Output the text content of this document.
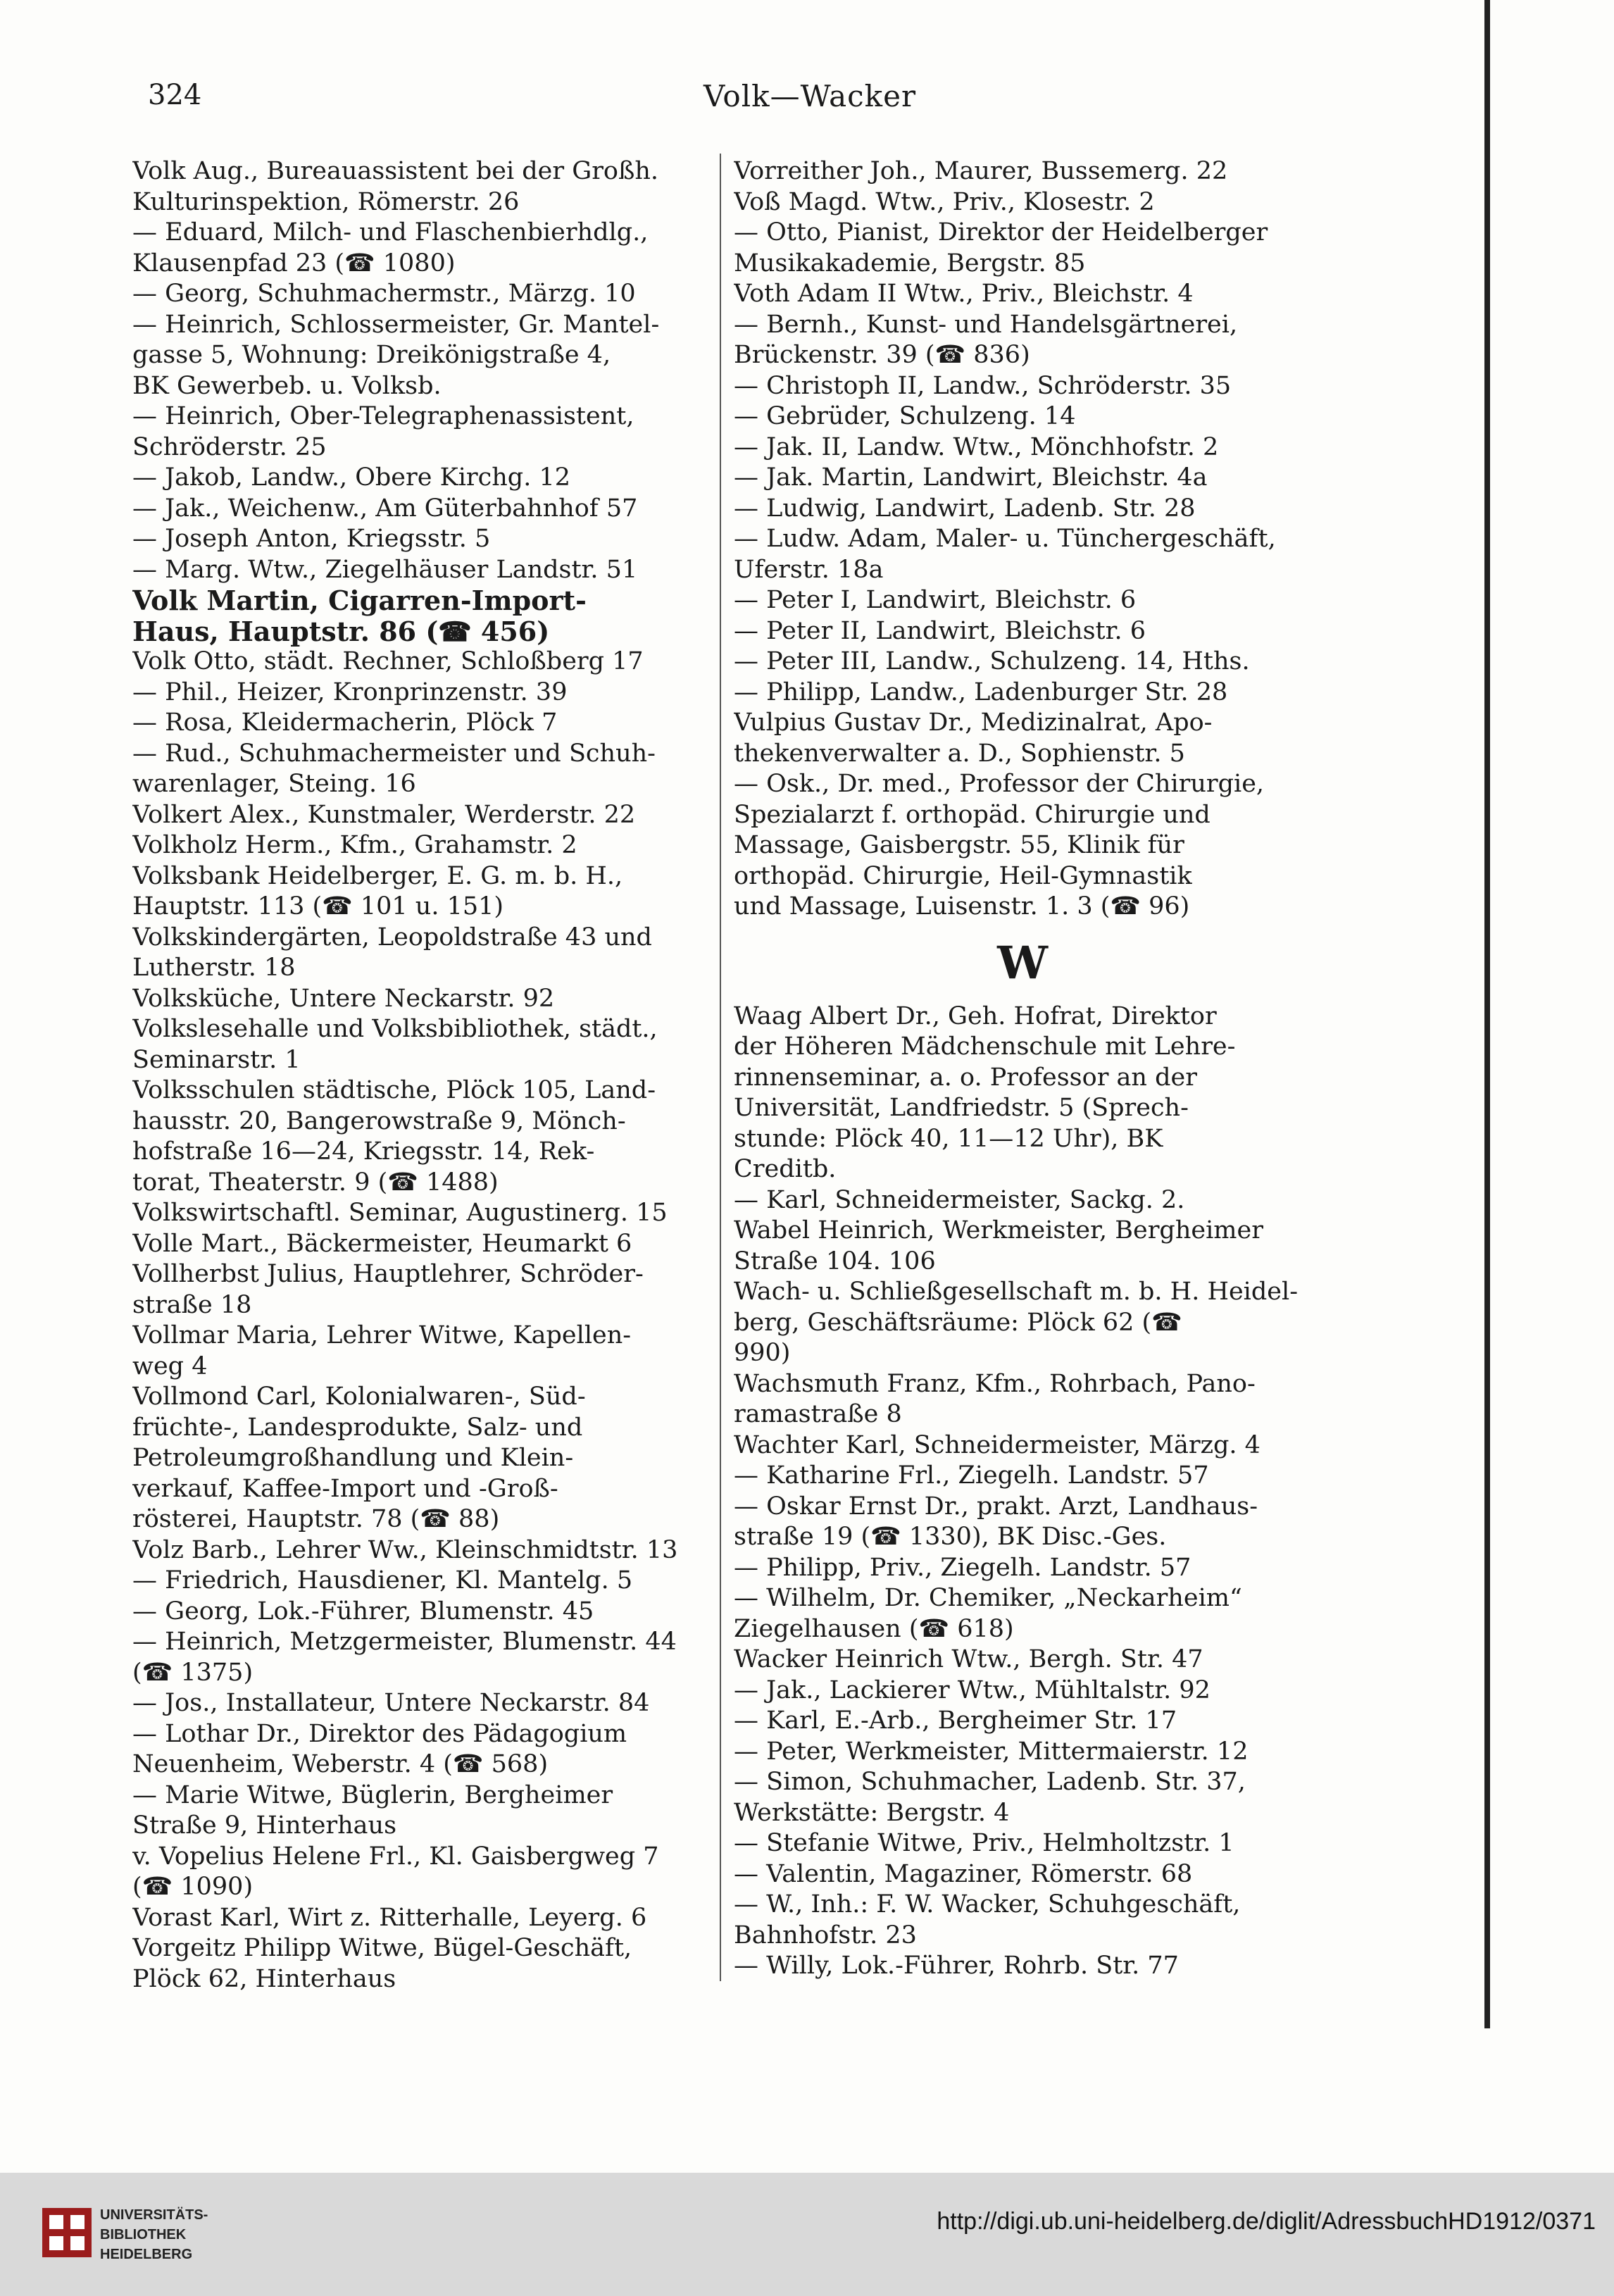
324	Volk—Wacker
Volk Aug., Bureauassistent bei der Großh.
Kulturinspektion, Römerstr. 26
— Eduard, Milch- und Flaschenbierhdlg.,
Klausenpfad 23 (☎ 1080)
— Georg, Schuhmachermstr., Märzg. 10
— Heinrich, Schlossermeister, Gr. Mantel-
gasse 5, Wohnung: Dreikönigstraße 4,
BK Gewerbeb. u. Volksb.
— Heinrich, Ober-Telegraphenassistent,
Schröderstr. 25
— Jakob, Landw., Obere Kirchg. 12
— Jak., Weichenw., Am Güterbahnhof 57
— Joseph Anton, Kriegsstr. 5
— Marg. Wtw., Ziegelhäuser Landstr. 51
Volk Martin, Cigarren-Import-
Haus, Hauptstr. 86 (☎ 456)
Volk Otto, städt. Rechner, Schloßberg 17
— Phil., Heizer, Kronprinzenstr. 39
— Rosa, Kleidermacherin, Plöck 7
— Rud., Schuhmachermeister und Schuh-
warenlager, Steing. 16
Volkert Alex., Kunstmaler, Werderstr. 22
Volkholz Herm., Kfm., Grahamstr. 2
Volksbank Heidelberger, E. G. m. b. H.,
Hauptstr. 113 (☎ 101 u. 151)
Volkskindergärten, Leopoldstraße 43 und
Lutherstr. 18
Volksküche, Untere Neckarstr. 92
Volkslesehalle und Volksbibliothek, städt.,
Seminarstr. 1
Volksschulen städtische, Plöck 105, Land-
hausstr. 20, Bangerowstraße 9, Mönch-
hofstraße 16—24, Kriegsstr. 14, Rek-
torat, Theaterstr. 9 (☎ 1488)
Volkswirtschaftl. Seminar, Augustinerg. 15
Volle Mart., Bäckermeister, Heumarkt 6
Vollherbst Julius, Hauptlehrer, Schröder-
straße 18
Vollmar Maria, Lehrer Witwe, Kapellen-
weg 4
Vollmond Carl, Kolonialwaren-, Süd-
früchte-, Landesprodukte, Salz- und
Petroleumgroßhandlung und Klein-
verkauf, Kaffee-Import und -Groß-
rösterei, Hauptstr. 78 (☎ 88)
Volz Barb., Lehrer Ww., Kleinschmidtstr. 13
— Friedrich, Hausdiener, Kl. Mantelg. 5
— Georg, Lok.-Führer, Blumenstr. 45
— Heinrich, Metzgermeister, Blumenstr. 44
(☎ 1375)
— Jos., Installateur, Untere Neckarstr. 84
— Lothar Dr., Direktor des Pädagogium
Neuenheim, Weberstr. 4 (☎ 568)
— Marie Witwe, Büglerin, Bergheimer
Straße 9, Hinterhaus
v. Vopelius Helene Frl., Kl. Gaisbergweg 7
(☎ 1090)
Vorast Karl, Wirt z. Ritterhalle, Leyerg. 6
Vorgeitz Philipp Witwe, Bügel-Geschäft,
Plöck 62, Hinterhaus
Vorreither Joh., Maurer, Bussemerg. 22
Voß Magd. Wtw., Priv., Klosestr. 2
— Otto, Pianist, Direktor der Heidelberger
Musikakademie, Bergstr. 85
Voth Adam II Wtw., Priv., Bleichstr. 4
— Bernh., Kunst- und Handelsgärtnerei,
Brückenstr. 39 (☎ 836)
— Christoph II, Landw., Schröderstr. 35
— Gebrüder, Schulzeng. 14
— Jak. II, Landw. Wtw., Mönchhofstr. 2
— Jak. Martin, Landwirt, Bleichstr. 4a
— Ludwig, Landwirt, Ladenb. Str. 28
— Ludw. Adam, Maler- u. Tünchergeschäft,
Uferstr. 18a
— Peter I, Landwirt, Bleichstr. 6
— Peter II, Landwirt, Bleichstr. 6
— Peter III, Landw., Schulzeng. 14, Hths.
— Philipp, Landw., Ladenburger Str. 28
Vulpius Gustav Dr., Medizinalrat, Apo-
thekenverwalter a. D., Sophienstr. 5
— Osk., Dr. med., Professor der Chirurgie,
Spezialarzt f. orthopäd. Chirurgie und
Massage, Gaisbergstr. 55, Klinik für
orthopäd. Chirurgie, Heil-Gymnastik
und Massage, Luisenstr. 1. 3 (☎ 96)
W
Waag Albert Dr., Geh. Hofrat, Direktor
der Höheren Mädchenschule mit Lehre-
rinnenseminar, a. o. Professor an der
Universität, Landfriedstr. 5 (Sprech-
stunde: Plöck 40, 11—12 Uhr), BK
Creditb.
— Karl, Schneidermeister, Sackg. 2.
Wabel Heinrich, Werkmeister, Bergheimer
Straße 104. 106
Wach- u. Schließgesellschaft m. b. H. Heidel-
berg, Geschäftsräume: Plöck 62 (☎
990)
Wachsmuth Franz, Kfm., Rohrbach, Pano-
ramastraße 8
Wachter Karl, Schneidermeister, Märzg. 4
— Katharine Frl., Ziegelh. Landstr. 57
— Oskar Ernst Dr., prakt. Arzt, Landhaus-
straße 19 (☎ 1330), BK Disc.-Ges.
— Philipp, Priv., Ziegelh. Landstr. 57
— Wilhelm, Dr. Chemiker, „Neckarheim“
Ziegelhausen (☎ 618)
Wacker Heinrich Wtw., Bergh. Str. 47
— Jak., Lackierer Wtw., Mühltalstr. 92
— Karl, E.-Arb., Bergheimer Str. 17
— Peter, Werkmeister, Mittermaierstr. 12
— Simon, Schuhmacher, Ladenb. Str. 37,
Werkstätte: Bergstr. 4
— Stefanie Witwe, Priv., Helmholtzstr. 1
— Valentin, Magaziner, Römerstr. 68
— W., Inh.: F. W. Wacker, Schuhgeschäft,
Bahnhofstr. 23
— Willy, Lok.-Führer, Rohrb. Str. 77
UNIVERSITÄTS-
BIBLIOTHEK
HEIDELBERG
http://digi.ub.uni-heidelberg.de/diglit/AdressbuchHD1912/0371
